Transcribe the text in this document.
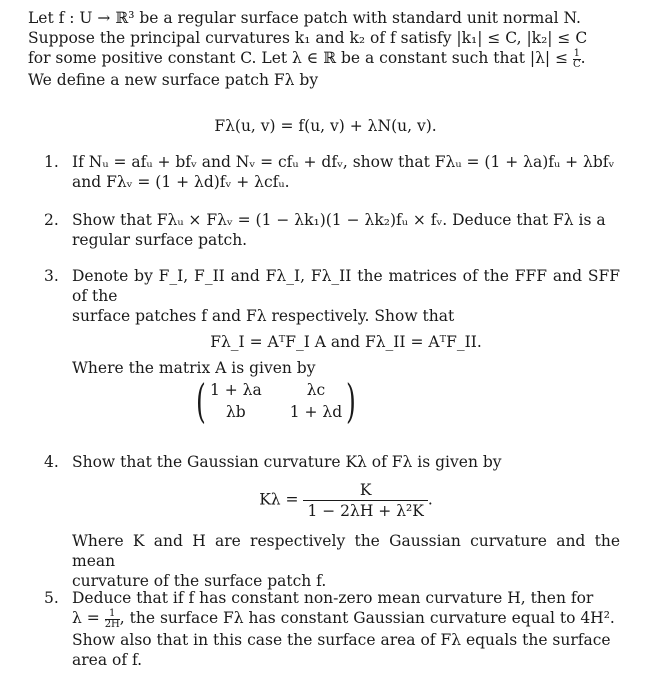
Let f : U → ℝ³ be a regular surface patch with standard unit normal N.

Suppose the principal curvatures k₁ and k₂ of f satisfy |k₁| ≤ C, |k₂| ≤ C

for some positive constant C. Let λ ∈ ℝ be a constant such that $|\lambda| \le \frac{1}{C}$ .

We define a new surface patch Fλ by

Fλ(u, v) = f(u, v) + λN(u, v).
1. If Nᵤ = afᵤ + bfᵥ and Nᵥ = cfᵤ + dfᵥ, show that Fλᵤ = (1 + λa)fᵤ + λbfᵥ

and Fλᵥ = (1 + λd)fᵥ + λcfᵤ.

2. Show that Fλᵤ × Fλᵥ = (1 − λk₁)(1 − λk₂)fᵤ × fᵥ. Deduce that Fλ is a

regular surface patch.

3. Denote by F_I, F_II and Fλ_I, Fλ_II the matrices of the FFF and SFF of the

surface patches f and Fλ respectively. Show that

Fλ_I = AᵀF_I A and Fλ_II = AᵀF_II.

Where the matrix A is given by

( 1 + λa	λc
λb	1 + λd )
4. Show that the Gaussian curvature Kλ of Fλ is given by

$K\lambda = \frac{K}{\text{1 − 2λH + λ²K}}$ .

Where K and H are respectively the Gaussian curvature and the mean

curvature of the surface patch f.

5. Deduce that if f has constant non-zero mean curvature H, then for

$\lambda = \frac{1}{2H}$ , the surface Fλ has constant Gaussian curvature equal to 4H².

Show also that in this case the surface area of Fλ equals the surface

area of f.
